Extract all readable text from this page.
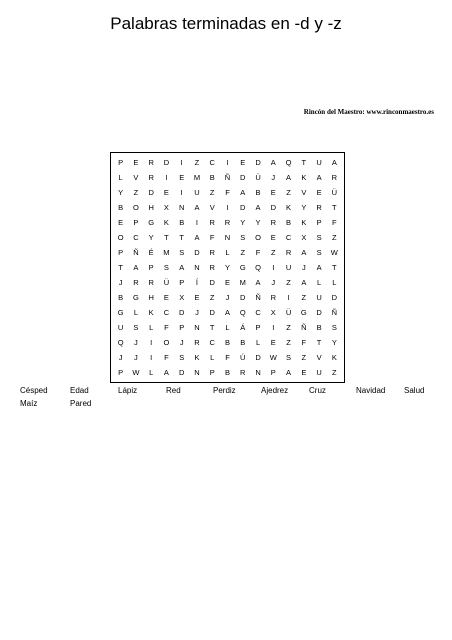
Palabras terminadas en -d y -z
Rincón del Maestro: www.rinconmaestro.es
P	E	R	D	I	Z	C	I	E	D	A	Q	T	U	A
L	V	R	I	E	M	B	Ñ	D	Ü	J	A	K	A	R
Y	Z	D	E	I	U	Z	F	A	B	E	Z	V	E	Ü
B	O	H	X	N	A	V	I	D	A	D	K	Y	R	T
E	P	G	K	B	I	R	R	Y	Y	R	B	K	P	F
O	C	Y	T	T	A	F	N	S	O	E	C	X	S	Z
P	Ñ	É	M	S	D	R	L	Z	F	Z	R	A	S	W
T	A	P	S	A	N	R	Y	G	Q	I	U	J	A	T
J	R	R	Ü	P	Í	D	E	M	A	J	Z	A	L	L
B	G	H	E	X	E	Z	J	D	Ñ	R	I	Z	U	D
G	L	K	C	D	J	D	A	Q	C	X	Ü	G	D	Ñ
U	S	L	F	P	N	T	L	Á	P	I	Z	Ñ	B	S
Q	J	I	O	J	R	C	B	B	L	E	Z	F	T	Y
J	J	I	F	S	K	L	F	Ú	D	W	S	Z	V	K
P	W	L	A	D	N	P	B	R	N	P	A	E	U	Z
Césped	Edad	Lápiz	Red	Perdiz	Ajedrez	Cruz	Navidad Salud
Maíz	Pared
